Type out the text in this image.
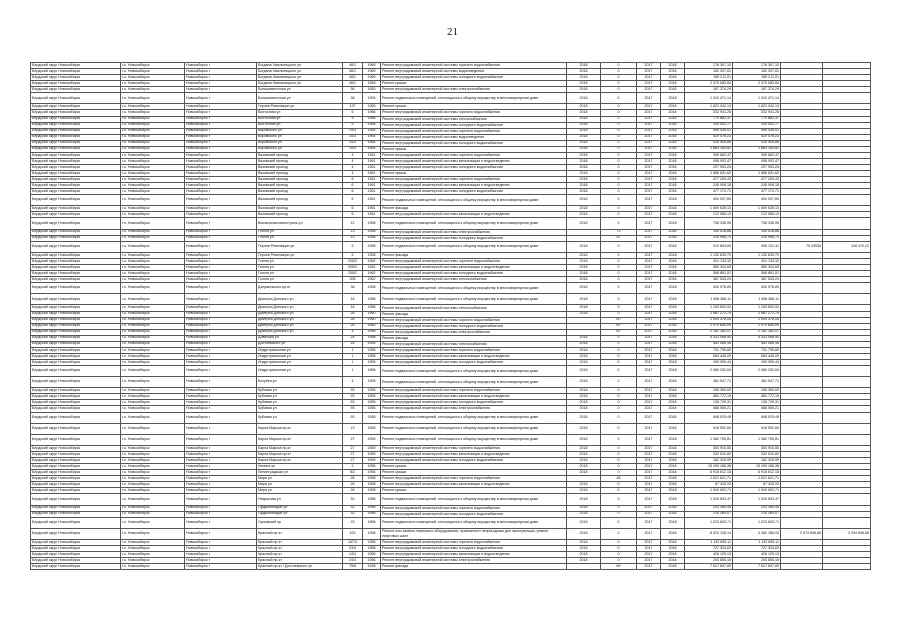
21
Бердский округ Новосибирск	г.о. Новосибирск	Новосибирск г	Богдана Хмельницкого ул	46/1	1969	Ремонт внутридомовой инженерной системы горячего водоснабжения	2018	0	2017	2018	176 367,10	176 367,10		
Бердский округ Новосибирск	г.о. Новосибирск	Новосибирск г	Богдана Хмельницкого ул	46/1	1969	Ремонт внутридомовой инженерной системы водоотведения	2018	0	2017	2018	160 307,81	160 307,81		
Бердский округ Новосибирск	г.о. Новосибирск	Новосибирск г	Богдана Хмельницкого ул	46/1	1969	Ремонт внутридомовой инженерной системы холодного водоснабжения	2018	0	2017	2018	150 211,01	150 211,01		
Бердский округ Новосибирск	г.о. Новосибирск	Новосибирск г	Богдана Хмельницкого ул	46/1	1969	Ремонт крыши	2018	0	2017	2018	2 370 080,84	2 370 080,84		
Бердский округ Новосибирск	г.о. Новосибирск	Новосибирск г	Большевистская ул	36	1953	Ремонт внутридомовой инженерной системы электроснабжения	2018	0	2017	2018	187 374,29	187 374,29		
Бердский округ Новосибирск	г.о. Новосибирск	Новосибирск г	Большевистская ул	36	1953	Ремонт подвальных помещений, относящихся к общему имуществу в многоквартирном доме	2018	0	2017	2018	1 310 471,14	1 310 471,14		
Бердский округ Новосибирск	г.о. Новосибирск	Новосибирск г	Героев Революции ул	137	1963	Ремонт крыши	2018	0	2017	2018	1 621 342,13	1 621 342,13		
Бердский округ Новосибирск	г.о. Новосибирск	Новосибирск г	Восточная ул	5	1966	Ремонт внутридомовой инженерной системы горячего водоснабжения	2018	0	2017	2018	332 941,26	332 941,26		
Бердский округ Новосибирск	г.о. Новосибирск	Новосибирск г	Восточная ул	5	1966	Ремонт внутридомовой инженерной системы теплоснабжения	2018	0	2017	2018	770 662,37	770 662,37		
Бердский округ Новосибирск	г.о. Новосибирск	Новосибирск г	Восточная ул	5	1966	Ремонт внутридомовой инженерной системы холодного водоснабжения	2018	0	2017	2018	193 503,77	193 503,77		
Бердский округ Новосибирск	г.о. Новосибирск	Новосибирск г	Воровского ул	14/3	1964	Ремонт внутридомовой инженерной системы горячего водоснабжения	2018	0	2017	2018	406 439,01	406 439,01		
Бердский округ Новосибирск	г.о. Новосибирск	Новосибирск г	Воровского ул	14/3	1964	Ремонт внутридомовой инженерной системы водоотведения	2018	0	2017	2018	420 076,22	420 076,22		
Бердский округ Новосибирск	г.о. Новосибирск	Новосибирск г	Воровского ул	14/3	1964	Ремонт внутридомовой инженерной системы холодного водоснабжения	2018	0	2017	2018	428 945,88	428 945,88		
Бердский округ Новосибирск	г.о. Новосибирск	Новосибирск г	Воровского ул	14/3	1964	Ремонт крыши	2018	0	2017	2018	2 864 155,82	2 864 155,82		
Бердский округ Новосибирск	г.о. Новосибирск	Новосибирск г	Вязовский проезд	4	1961	Ремонт внутридомовой инженерной системы горячего водоснабжения	2018	0	2017	2018	399 662,47	399 662,47		
Бердский округ Новосибирск	г.о. Новосибирск	Новосибирск г	Вязовский проезд	4	1961	Ремонт внутридомовой инженерной системы канализации и водоотведения	2018	0	2017	2018	458 092,47	458 092,47		
Бердский округ Новосибирск	г.о. Новосибирск	Новосибирск г	Вязовский проезд	4	1961	Ремонт внутридомовой инженерной системы холодного водоснабжения	2018	0	2017	2018	207 903,24	207 903,24		
Бердский округ Новосибирск	г.о. Новосибирск	Новосибирск г	Вязовский проезд	4	1961	Ремонт крыши	2018	0	2017	2018	1 866 631,62	1 866 631,62		
Бердский округ Новосибирск	г.о. Новосибирск	Новосибирск г	Вязовский проезд	6	1961	Ремонт внутридомовой инженерной системы горячего водоснабжения	2018	0	2017	2018	477 209,43	477 209,43		
Бердский округ Новосибирск	г.о. Новосибирск	Новосибирск г	Вязовский проезд	6	1961	Ремонт внутридомовой инженерной системы канализации и водоотведения	2018	0	2017	2018	245 906,18	245 906,18		
Бердский округ Новосибирск	г.о. Новосибирск	Новосибирск г	Вязовский проезд	6	1961	Ремонт внутридомовой инженерной системы холодного водоснабжения	2018	0	2017	2018	477 174,71	477 174,71		
Бердский округ Новосибирск	г.о. Новосибирск	Новосибирск г	Вязовский проезд	6	1961	Ремонт подвальных помещений, относящихся к общему имуществу в многоквартирном доме	2018	0	2017	2018	494 207,65	494 207,65		
Бердский округ Новосибирск	г.о. Новосибирск	Новосибирск г	Вязовский проезд	6	1961	Ремонт фасада	2018	0	2017	2018	1 609 635,13	1 609 635,13		
Бердский округ Новосибирск	г.о. Новосибирск	Новосибирск г	Вязовский проезд	6	1961	Ремонт внутридомовой инженерной системы канализации и водоотведения	2018	0	2017	2018	212 585,13	212 585,13		
Бердский округ Новосибирск	г.о. Новосибирск	Новосибирск г	Вокзальная магистраль ул	12	1956	Ремонт подвальных помещений, относящихся к общему имуществу в многоквартирном доме	2018	0	2017	2018	708 336,95	708 336,95		
Бердский округ Новосибирск	г.о. Новосибирск	Новосибирск г	Гоголя ул	13	1958	Ремонт внутридомовой инженерной системы электроснабжения		73	2017	2018	159 018,86	159 018,86		
Бердский округ Новосибирск	г.о. Новосибирск	Новосибирск г	Гоголя ул	13	1958	Ремонт внутридомовой инженерной системы холодного водоснабжения		57	2017	2018	230 996,71	230 996,71		
Бердский округ Новосибирск	г.о. Новосибирск	Новосибирск г	Героев Революции ул	5	1958	Ремонт подвальных помещений, относящихся к общему имуществу в многоквартирном доме	2018	0	2017	2018	313 894,65	395 131,31	75 23535	108 470,22
Бердский округ Новосибирск	г.о. Новосибирск	Новосибирск г	Героев Революции ул	5	1958	Ремонт фасада	2018	0	2017	2018	1 130 839,70	1 130 839,70		
Бердский округ Новосибирск	г.о. Новосибирск	Новосибирск г	Гоголя ул	205/2	1962	Ремонт внутридомовой инженерной системы горячего водоснабжения	2018	0	2017	2018	401 143,32	401 143,32		
Бердский округ Новосибирск	г.о. Новосибирск	Новосибирск г	Гоголя ул	205/2	1962	Ремонт внутридомовой инженерной системы канализации и водоотведения	2018	0	2017	2018	369 304,65	369 304,65		
Бердский округ Новосибирск	г.о. Новосибирск	Новосибирск г	Гоголя ул	205/2	1962	Ремонт внутридомовой инженерной системы холодного водоснабжения	2018	0	2017	2018	368 861,51	368 861,51		
Бердский округ Новосибирск	г.о. Новосибирск	Новосибирск г	Гоголя ул	206	1962	Ремонт внутридомовой инженерной системы теплоснабжения	2018	0	2017	2018	387 543,24	387 543,24		
Бердский округ Новосибирск	г.о. Новосибирск	Новосибирск г	Дзержинского пр-кт	36	1958	Ремонт подвальных помещений, относящихся к общему имуществу в многоквартирном доме	2018	0	2017	2018	420 076,89	420 076,89		
Бердский округ Новосибирск	г.о. Новосибирск	Новосибирск г	Дмитрия Донского ул	16	1956	Ремонт подвальных помещений, относящихся к общему имуществу в многоквартирном доме	2018	0	2017	2018	1 968 466,11	1 968 466,11		
Бердский округ Новосибирск	г.о. Новосибирск	Новосибирск г	Дмитрия Донского ул	16	1956	Ремонт внутридомовой инженерной системы теплоснабжения	2018	0	2017	2018	1 153 892,53	1 153 892,53		
Бердский округ Новосибирск	г.о. Новосибирск	Новосибирск г	Дмитрия Донского ул	26	1960	Ремонт фасада	2018	0	2017	2018	2 687 272,75	2 687 272,75		
Бердский округ Новосибирск	г.о. Новосибирск	Новосибирск г	Дмитрия Донского ул	26	1960	Ремонт внутридомовой инженерной системы горячего водоснабжения		41*	2017	2018	1 093 376,05	1 093 376,05		
Бердский округ Новосибирск	г.о. Новосибирск	Новосибирск г	Дмитрия Донского ул	26	1960	Ремонт внутридомовой инженерной системы холодного водоснабжения		41*	2017	2018	1 079 850,69	1 079 850,69		
Бердский округ Новосибирск	г.о. Новосибирск	Новосибирск г	Дмитрия Донского ул	4	1956	Ремонт внутридомовой инженерной системы электроснабжения		41*	2017	2018	2 181 182,07	2 181 182,07		
Бердский округ Новосибирск	г.о. Новосибирск	Новосибирск г	Доватора ул	24	1958	Ремонт фасада	2018	0	2017	2018	4 331 088,94	4 331 088,94		
Бердский округ Новосибирск	г.о. Новосибирск	Новосибирск г	Достоевского ул	18	1955	Ремонт внутридомовой инженерной системы теплоснабжения	2018	0	2017	2018	481 060,35	481 060,35		
Бердский округ Новосибирск	г.о. Новосибирск	Новосибирск г	Индустриальная ул	1	1956	Ремонт внутридомовой инженерной системы горячего водоснабжения	2018	0	2017	2018	731 795,80	731 795,80		
Бердский округ Новосибирск	г.о. Новосибирск	Новосибирск г	Индустриальная ул	1	1956	Ремонт внутридомовой инженерной системы канализации и водоотведения	2018	0	2017	2018	584 445,00	584 445,00		
Бердский округ Новосибирск	г.о. Новосибирск	Новосибирск г	Индустриальная ул	1	1956	Ремонт внутридомовой инженерной системы холодного водоснабжения	2018	0	2017	2018	493 905,44	493 905,44		
Бердский округ Новосибирск	г.о. Новосибирск	Новосибирск г	Индустриальная ул	1	1956	Ремонт подвальных помещений, относящихся к общему имуществу в многоквартирном доме	2018	0	2017	2018	2 960 292,00	2 960 292,00		
Бердский округ Новосибирск	г.о. Новосибирск	Новосибирск г	Кочубея ул	4	1955	Ремонт подвальных помещений, относящихся к общему имуществу в многоквартирном доме	2018	0	2017	2018	461 547,71	461 547,71		
Бердский округ Новосибирск	г.о. Новосибирск	Новосибирск г	Кубовая ул	93	1955	Ремонт внутридомовой инженерной системы горячего водоснабжения	2018	0	2017	2018	195 363,00	195 363,00		
Бердский округ Новосибирск	г.о. Новосибирск	Новосибирск г	Кубовая ул	93	1955	Ремонт внутридомовой инженерной системы канализации и водоотведения	2018	0	2017	2018	483 772,16	483 772,16		
Бердский округ Новосибирск	г.о. Новосибирск	Новосибирск г	Кубовая ул	93	1955	Ремонт внутридомовой инженерной системы холодного водоснабжения	2018	0	2017	2018	138 726,31	138 726,31		
Бердский округ Новосибирск	г.о. Новосибирск	Новосибирск г	Кубовая ул	93	1955	Ремонт внутридомовой инженерной системы электроснабжения	2018	0	2017	2018	468 080,21	468 080,21		
Бердский округ Новосибирск	г.о. Новосибирск	Новосибирск г	Кубовая ул	93	1955	Ремонт подвальных помещений, относящихся к общему имуществу в многоквартирном доме	2018	0	2017	2018	948 029,49	948 029,49		
Бердский округ Новосибирск	г.о. Новосибирск	Новосибирск г	Карла Маркса пр-кт	19	1959	Ремонт подвальных помещений, относящихся к общему имуществу в многоквартирном доме	2018	0	2017	2018	918 592,69	918 592,69		
Бердский округ Новосибирск	г.о. Новосибирск	Новосибирск г	Карла Маркса пр-кт	27	1959	Ремонт подвальных помещений, относящихся к общему имуществу в многоквартирном доме	2018	0	2017	2018	1 062 705,81	1 062 705,81		
Бердский округ Новосибирск	г.о. Новосибирск	Новосибирск г	Карла Маркса пр-кт	27	1959	Ремонт внутридомовой инженерной системы горячего водоснабжения	2018	0	2017	2018	354 910,50	354 910,50		
Бердский округ Новосибирск	г.о. Новосибирск	Новосибирск г	Карла Маркса пр-кт	27	1959	Ремонт внутридомовой инженерной системы канализации и водоотведения	2018	0	2017	2018	242 610,82	242 610,82		
Бердский округ Новосибирск	г.о. Новосибирск	Новосибирск г	Карла Маркса пр-кт	27	1959	Ремонт внутридомовой инженерной системы холодного водоснабжения	2018	0	2017	2018	182 309,99	182 309,99		
Бердский округ Новосибирск	г.о. Новосибирск	Новосибирск г	Ленина ул	2	1956	Ремонт крыши	2018	0	2017	2018	15 199 186,38	15 199 186,38		
Бердский округ Новосибирск	г.о. Новосибирск	Новосибирск г	Ленинградская ул	5/2	1955	Ремонт крыши	2018	0	2017	2018	6 916 612,15	6 916 612,15		
Бердский округ Новосибирск	г.о. Новосибирск	Новосибирск г	Мира ул	26	1958	Ремонт внутридомовой инженерной системы горячего водоснабжения		46	2017	2018	1 621 621,71	1 621 621,71		
Бердский округ Новосибирск	г.о. Новосибирск	Новосибирск г	Мира ул	26	1958	Ремонт внутридомовой инженерной системы канализации и водоотведения	2018	0	2017	2018	67 430,93	67 430,93		
Бердский округ Новосибирск	г.о. Новосибирск	Новосибирск г	Мира ул	26	1958	Ремонт крыши	2018	0	2017	2018	1 942 800,71	1 942 800,71		
Бердский округ Новосибирск	г.о. Новосибирск	Новосибирск г	Некрасова ул	32	1956	Ремонт подвальных помещений, относящихся к общему имуществу в многоквартирном доме	2018	0	2017	2018	1 319 833,47	1 319 833,47		
Бердский округ Новосибирск	г.о. Новосибирск	Новосибирск г	Орджоникидзе ул	32	1956	Ремонт внутридомовой инженерной системы горячего водоснабжения	2018	0	2017	2018	243 365,44	243 365,44		
Бердский округ Новосибирск	г.о. Новосибирск	Новосибирск г	Орджоникидзе ул	32	1956	Ремонт внутридомовой инженерной системы холодного водоснабжения	2018	0	2017	2018	210 269,07	210 269,07		
Бердский округ Новосибирск	г.о. Новосибирск	Новосибирск г	Орловский пр	23	1956	Ремонт подвальных помещений, относящихся к общему имуществу в многоквартирном доме	2018	0	2017	2018	1 223 605,71	1 223 605,71		
Бердский округ Новосибирск	г.о. Новосибирск	Новосибирск г	Красный пр-кт	100	1958	Ремонт или замена лифтового оборудования, признанного непригодным для эксплуатации, ремонт лифтовых шахт	2018	0	2017	2018	8 323 128,14	4 452 185,02	2 574 606,66	3 294 606,66
Бердский округ Новосибирск	г.о. Новосибирск	Новосибирск г	Красный пр-кт	167/3	1956	Ремонт внутридомовой инженерной системы горячего водоснабжения	2018	0	2017	2018	1 133 695,11	1 133 695,11		
Бердский округ Новосибирск	г.о. Новосибирск	Новосибирск г	Красный пр-кт	23/4	1956	Ремонт внутридомовой инженерной системы холодного водоснабжения	2018	0	2017	2018	727 334,63	727 334,63		
Бердский округ Новосибирск	г.о. Новосибирск	Новосибирск г	Красный пр-кт	24/4	1956	Ремонт внутридомовой инженерной системы канализации и водоотведения	2018	0	2017	2018	426 129,13	426 129,13		
Бердский округ Новосибирск	г.о. Новосибирск	Новосибирск г	Красный пр-кт	24/4	1956	Ремонт внутридомовой инженерной системы электроснабжения	2018	0	2017	2018	293 805,16	293 805,16		
Бердский округ Новосибирск	г.о. Новосибирск	Новосибирск г	Красный пр-кт / Достоевского ул	75/8	1928	Ремонт фасада		40*	2017	2018	7 617 807,89	7 617 807,89		
